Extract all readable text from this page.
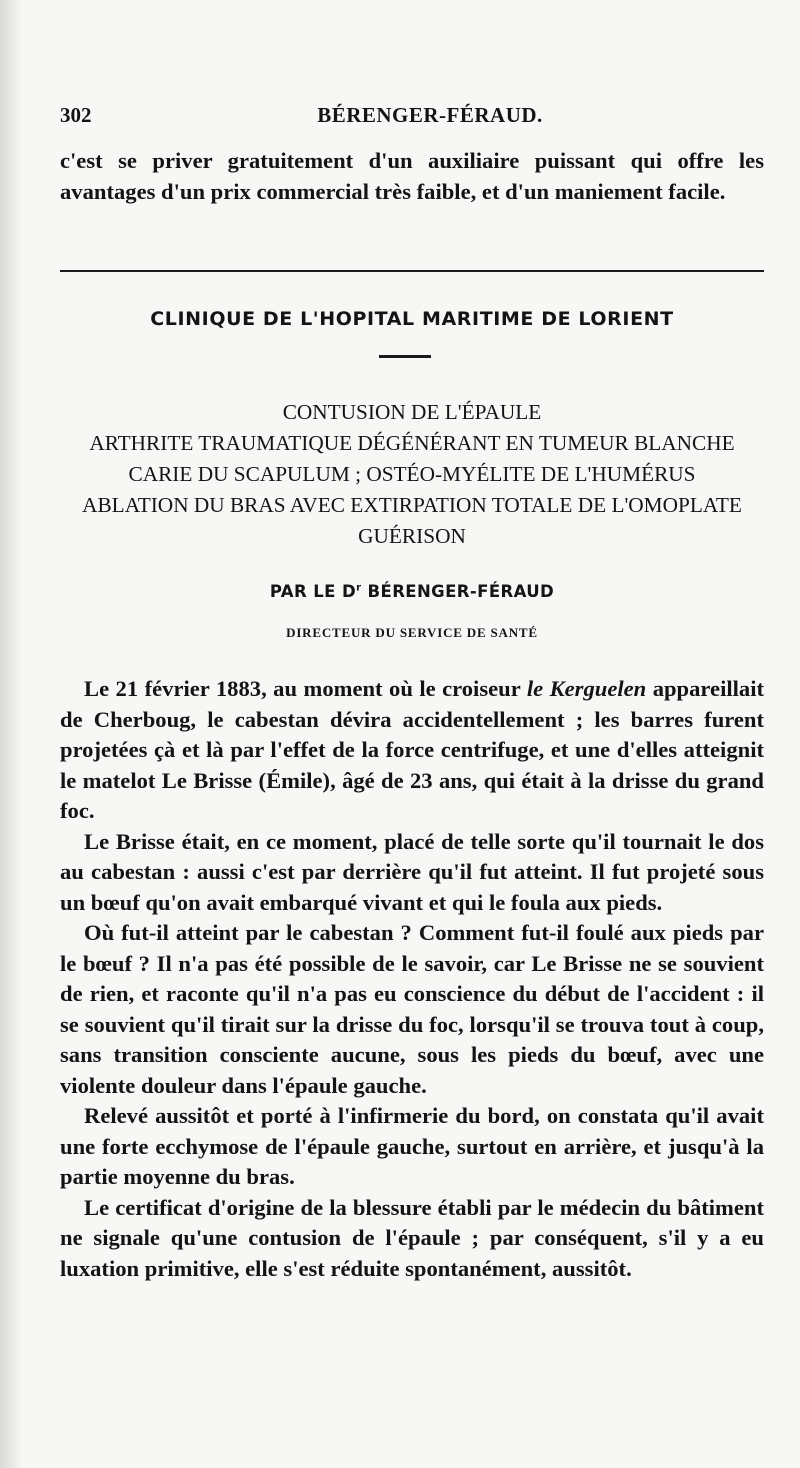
302	BÉRENGER-FÉRAUD.

c'est se priver gratuitement d'un auxiliaire puissant qui offre les avantages d'un prix commercial très faible, et d'un maniement facile.

CLINIQUE DE L'HOPITAL MARITIME DE LORIENT
CONTUSION DE L'ÉPAULE
ARTHRITE TRAUMATIQUE DÉGÉNÉRANT EN TUMEUR BLANCHE
CARIE DU SCAPULUM ; OSTÉO-MYÉLITE DE L'HUMÉRUS
ABLATION DU BRAS AVEC EXTIRPATION TOTALE DE L'OMOPLATE
GUÉRISON
PAR LE $D^r$ BÉRENGER-FÉRAUD
DIRECTEUR DU SERVICE DE SANTÉ

Le 21 février 1883, au moment où le croiseur le Kerguelen appareillait de Cherboug, le cabestan dévira accidentellement ; les barres furent projetées çà et là par l'effet de la force centrifuge, et une d'elles atteignit le matelot Le Brisse (Émile), âgé de 23 ans, qui était à la drisse du grand foc.

Le Brisse était, en ce moment, placé de telle sorte qu'il tournait le dos au cabestan : aussi c'est par derrière qu'il fut atteint. Il fut projeté sous un bœuf qu'on avait embarqué vivant et qui le foula aux pieds.

Où fut-il atteint par le cabestan ? Comment fut-il foulé aux pieds par le bœuf ? Il n'a pas été possible de le savoir, car Le Brisse ne se souvient de rien, et raconte qu'il n'a pas eu conscience du début de l'accident : il se souvient qu'il tirait sur la drisse du foc, lorsqu'il se trouva tout à coup, sans transition consciente aucune, sous les pieds du bœuf, avec une violente douleur dans l'épaule gauche.

Relevé aussitôt et porté à l'infirmerie du bord, on constata qu'il avait une forte ecchymose de l'épaule gauche, surtout en arrière, et jusqu'à la partie moyenne du bras.

Le certificat d'origine de la blessure établi par le médecin du bâtiment ne signale qu'une contusion de l'épaule ; par conséquent, s'il y a eu luxation primitive, elle s'est réduite spontanément, aussitôt.
